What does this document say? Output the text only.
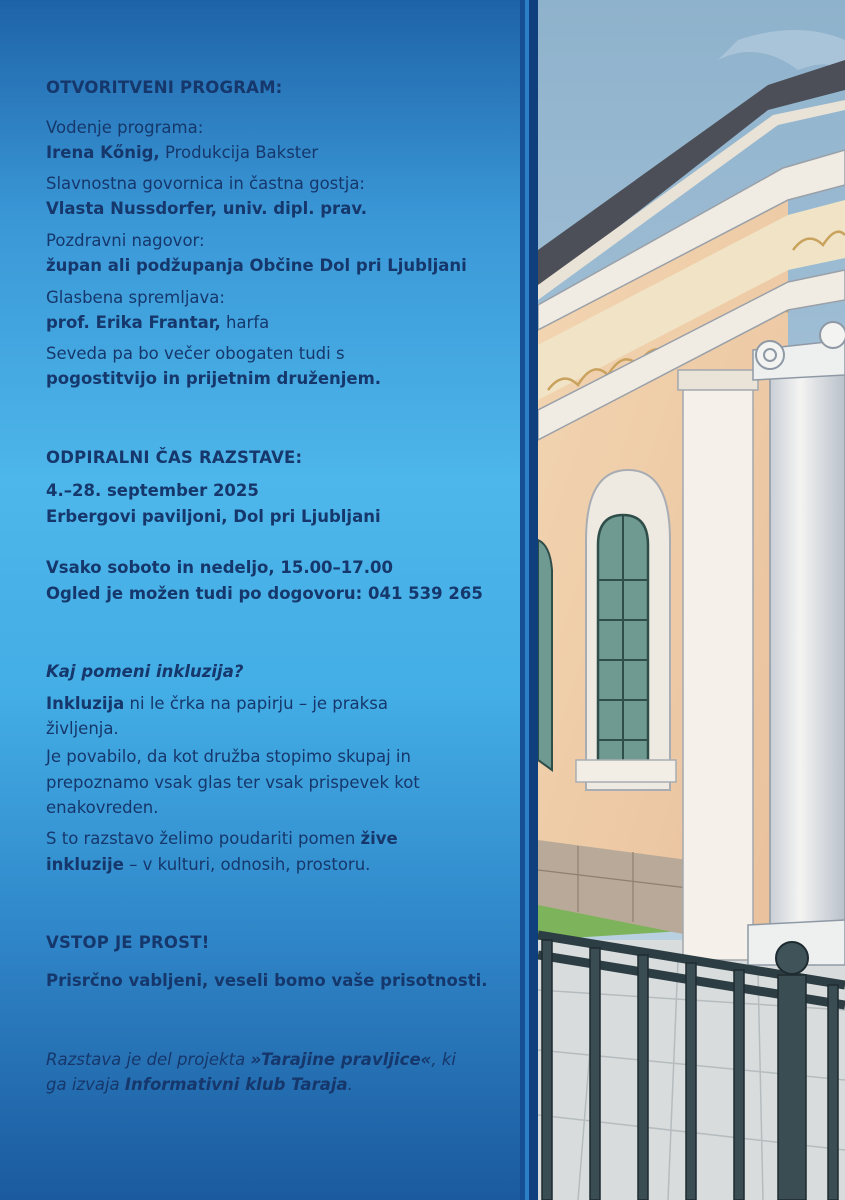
OTVORITVENI PROGRAM:
Vodenje programa:
Irena Kőnig, Produkcija Bakster
Slavnostna govornica in častna gostja:
Vlasta Nussdorfer, univ. dipl. prav.
Pozdravni nagovor:
župan ali podžupanja Občine Dol pri Ljubljani
Glasbena spremljava:
prof. Erika Frantar, harfa
Seveda pa bo večer obogaten tudi s
pogostitvijo in prijetnim druženjem.
ODPIRALNI ČAS RAZSTAVE:
4.–28. september 2025
Erbergovi paviljoni, Dol pri Ljubljani
Vsako soboto in nedeljo, 15.00–17.00
Ogled je možen tudi po dogovoru: 041 539 265
Kaj pomeni inkluzija?
Inkluzija ni le črka na papirju – je praksa
življenja.
Je povabilo, da kot družba stopimo skupaj in
prepoznamo vsak glas ter vsak prispevek kot
enakovreden.
S to razstavo želimo poudariti pomen žive
inkluzije – v kulturi, odnosih, prostoru.
VSTOP JE PROST!
Prisrčno vabljeni, veseli bomo vaše prisotnosti.
Razstava je del projekta »Tarajine pravljice«, ki
ga izvaja Informativni klub Taraja.
